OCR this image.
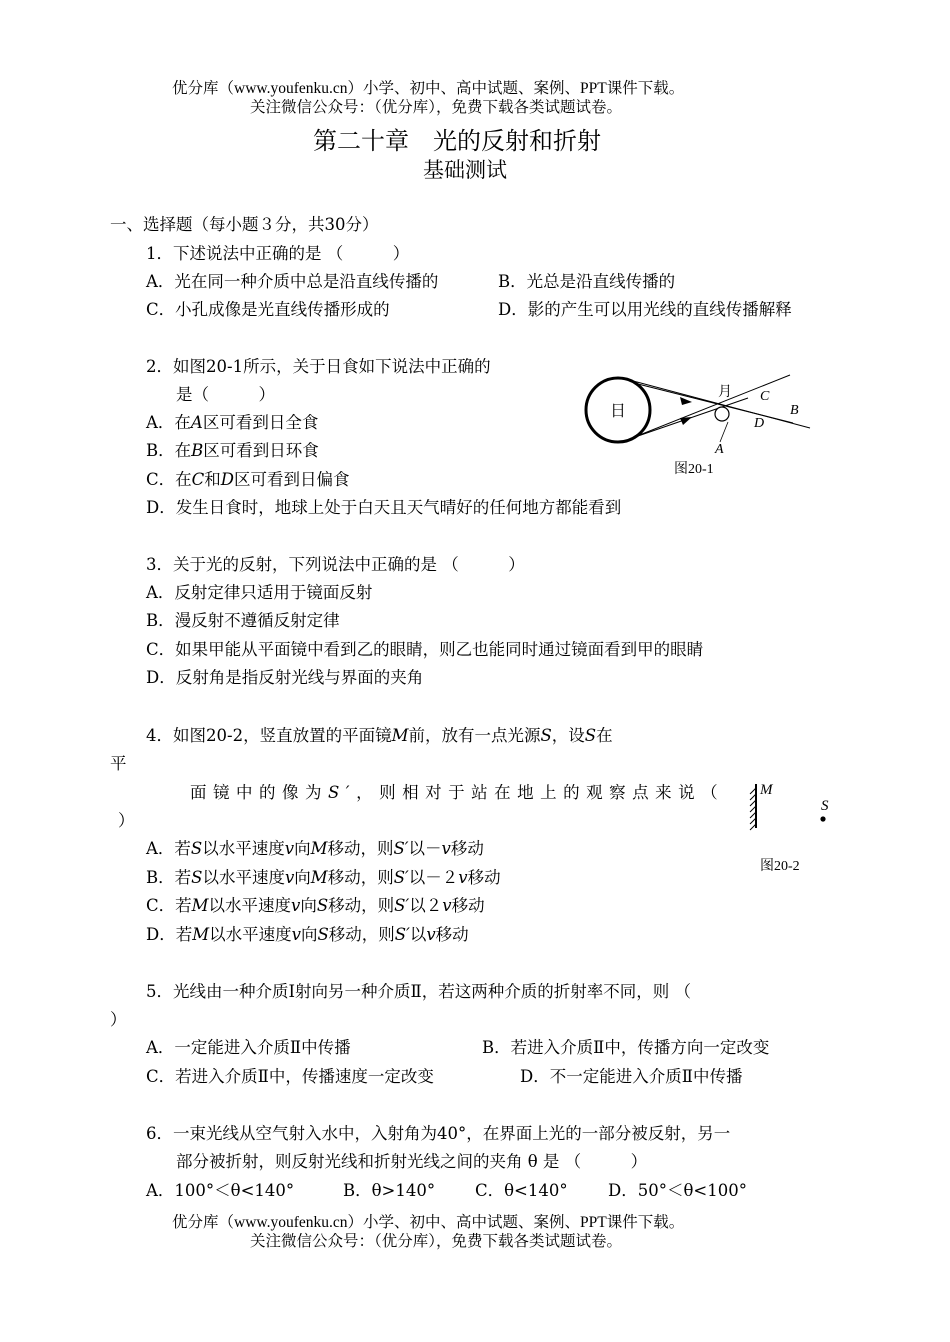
优分库（www.youfenku.cn）小学、初中、高中试题、案例、PPT课件下载。
关注微信公众号：（优分库），免费下载各类试题试卷。
第二十章　光的反射和折射
基础测试
一、选择题（每小题３分，共30分）
1．下述说法中正确的是 （　　　）
A．光在同一种介质中总是沿直线传播的	B．光总是沿直线传播的
C．小孔成像是光直线传播形成的	D．影的产生可以用光线的直线传播解释
2．如图20-1所示，关于日食如下说法中正确的
是（　　　）
A．在A区可看到日全食
B．在B区可看到日环食
C．在C和D区可看到日偏食
D．发生日食时，地球上处于白天且天气晴好的任何地方都能看到
日
月 C
B
D
A
图20-1
3．关于光的反射，下列说法中正确的是 （　　　）
A．反射定律只适用于镜面反射
B．漫反射不遵循反射定律
C．如果甲能从平面镜中看到乙的眼睛，则乙也能同时通过镜面看到甲的眼睛
D．反射角是指反射光线与界面的夹角
4．如图20-2，竖直放置的平面镜M前，放有一点光源S，设S在
平
面镜中的像为S′，则相对于站在地上的观察点来说（
）
A．若S以水平速度v向M移动，则S′以－v移动
B．若S以水平速度v向M移动，则S′以－２v移动
C．若M以水平速度v向S移动，则S′以２v移动
D．若M以水平速度v向S移动，则S′以v移动
M
S
图20-2
5．光线由一种介质Ⅰ射向另一种介质Ⅱ，若这两种介质的折射率不同，则 （
）
A．一定能进入介质Ⅱ中传播	B．若进入介质Ⅱ中，传播方向一定改变
C．若进入介质Ⅱ中，传播速度一定改变	D．不一定能进入介质Ⅱ中传播
6．一束光线从空气射入水中，入射角为40°，在界面上光的一部分被反射，另一
部分被折射，则反射光线和折射光线之间的夹角 θ 是 （　　　）
A．100°＜θ<140°	B．θ>140° C．θ<140° D．50°＜θ<100°
优分库（www.youfenku.cn）小学、初中、高中试题、案例、PPT课件下载。
关注微信公众号：（优分库），免费下载各类试题试卷。
